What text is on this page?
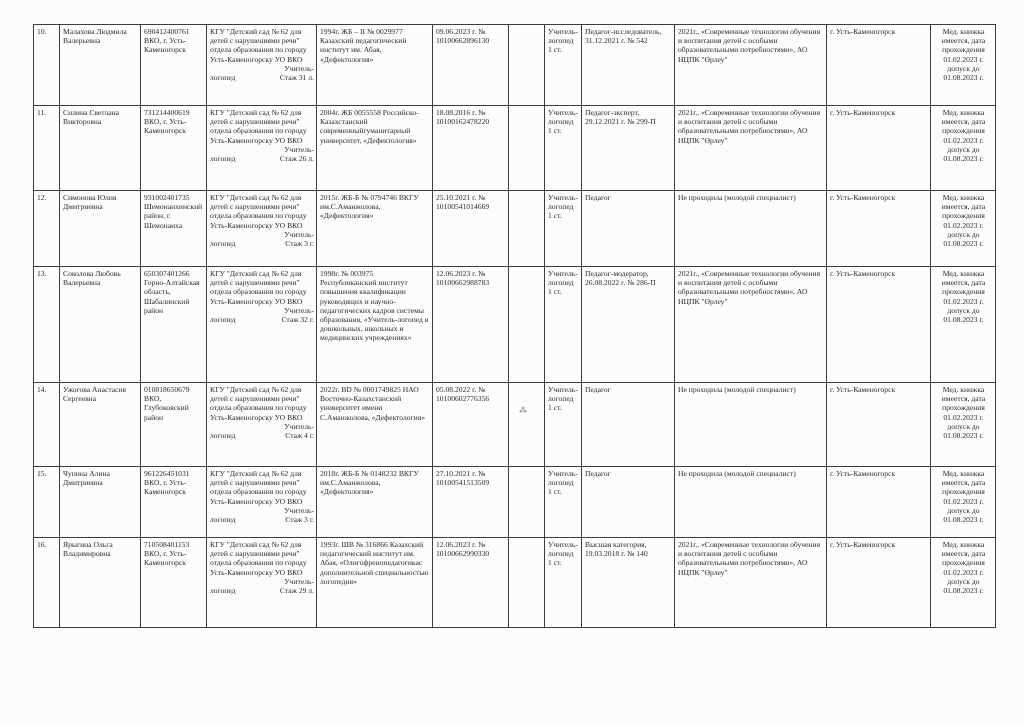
10.	Малахова Людмила Валерьевна	690412400761 ВКО, г. Усть-Каменогорск	КГУ "Детский сад № 62 для детей с нарушениями речи" отдела образования по городу Усть-Каменогорску УО ВКО
Учитель-
логопед Стаж 31 л.	1994г. ЖБ – II № 0029977 Казахский педагогический институт им. Абая, «Дефектология»	09.06.2023 г. № 10100662896130		Учитель-логопед 1 ст.	Педагог-исследователь, 31.12.2021 г. № 542	2021г., «Современные технологии обучения и воспитания детей с особыми образовательными потребностями», АО НЦПК "Өрлеу"	г. Усть-Каменогорск	Мед. книжка имеется, дата прохождения 01.02.2023 г. допуск до 01.08.2023 г.
11.	Силина Светлана Викторовна	731214400619 ВКО, г. Усть-Каменогорск	КГУ "Детский сад № 62 для детей с нарушениями речи" отдела образования по городу Усть-Каменогорску УО ВКО
Учитель-
логопед Стаж 26 л.	2004г. ЖБ 0055558 Российско-Казахстанский современныйгуманитарный университет, «Дефектология»	18.08.2016 г. № 10100162478220		Учитель-логопед 1 ст.	Педагог-эксперт, 29.12.2021 г. № 299-П	2021г., «Современные технологии обучения и воспитания детей с особыми образовательными потребностями», АО НЦПК "Өрлеу"	г. Усть-Каменогорск	Мед. книжка имеется, дата прохождения 01.02.2023 г. допуск до 01.08.2023 г.
12.	Симонова Юлия Дмитриевна	931002401735 Шемонаихинский район, г. Шемонаиха	КГУ "Детский сад № 62 для детей с нарушениями речи" отдела образования по городу Усть-Каменогорску УО ВКО
Учитель-
логопед Стаж 3 г.	2015г. ЖБ-Б № 0794746 ВКГУ им.С.Аманжолова, «Дефектология»	25.10.2021 г. № 10100541014669		Учитель-логопед 1 ст.	Педагог	Не проходила (молодой специалист)	г. Усть-Каменогорск	Мед. книжка имеется, дата прохождения 01.02.2023 г. допуск до 01.08.2023 г.
13.	Соколова Любовь Валерьевна	650307401266 Горно-Алтайская область, Шабалинский район	КГУ "Детский сад № 62 для детей с нарушениями речи" отдела образования по городу Усть-Каменогорску УО ВКО
Учитель-
логопед Стаж 32 г.	1998г. № 003975 Республиканский институт повышения квалификации руководящих и научно-педагогических кадров системы образования, «Учитель-логопед в дошкольных, школьных и медицинских учреждениях»	12.06.2023 г. № 10100662988783		Учитель-логопед 1 ст.	Педагог-модератор, 26.08.2022 г. № 286-П	2021г., «Современные технологии обучения и воспитания детей с особыми образовательными потребностями», АО НЦПК "Өрлеу"	г. Усть-Каменогорск	Мед. книжка имеется, дата прохождения 01.02.2023 г. допуск до 01.08.2023 г.
14.	Ужогова Анастасия Сергеевна	010818650679 ВКО, Глубоковский район	КГУ "Детский сад № 62 для детей с нарушениями речи" отдела образования по городу Усть-Каменогорску УО ВКО
Учитель-
логопед Стаж 4 г.	2022г. ВD № 0001749825 НАО Восточно-Казахстанский университет имени С.Аманжолова, «Дефектология»	05.08.2022 г. № 10100602776356		Учитель-логопед 1 ст.	Педагог	Не проходила (молодой специалист)	г. Усть-Каменогорск	Мед. книжка имеется, дата прохождения 01.02.2023 г. допуск до 01.08.2023 г.
15.	Чупина Алина Дмитриевна	961226451031 ВКО, г. Усть-Каменогорск	КГУ "Детский сад № 62 для детей с нарушениями речи" отдела образования по городу Усть-Каменогорску УО ВКО
Учитель-
логопед Стаж 3 г.	2018г. ЖБ-Б № 0148232 ВКГУ им.С.Аманжолова, «Дефектология»	27.10.2021 г. № 10100541513509		Учитель-логопед 1 ст.	Педагог	Не проходила (молодой специалист)	г. Усть-Каменогорск	Мед. книжка имеется, дата прохождения 01.02.2023 г. допуск до 01.08.2023 г.
16.	Ярыгина Ольга Владимировна	710508401153 ВКО, г. Усть-Каменогорск	КГУ "Детский сад № 62 для детей с нарушениями речи" отдела образования по городу Усть-Каменогорску УО ВКО
Учитель-
логопед Стаж 29 л.	1993г. ШВ № 316866 Казахский педагогический институт им. Абая, «Олигофренопедагогикас дополнительной специальностью логопедия»	12.06.2023 г. № 10100662990330		Учитель-логопед 1 ст.	Высшая категория, 19.03.2018 г. № 140	2021г., «Современные технологии обучения и воспитания детей с особыми образовательными потребностями», АО НЦПК "Өрлеу"	г. Усть-Каменогорск	Мед. книжка имеется, дата прохождения 01.02.2023 г. допуск до 01.08.2023 г.
⁂
